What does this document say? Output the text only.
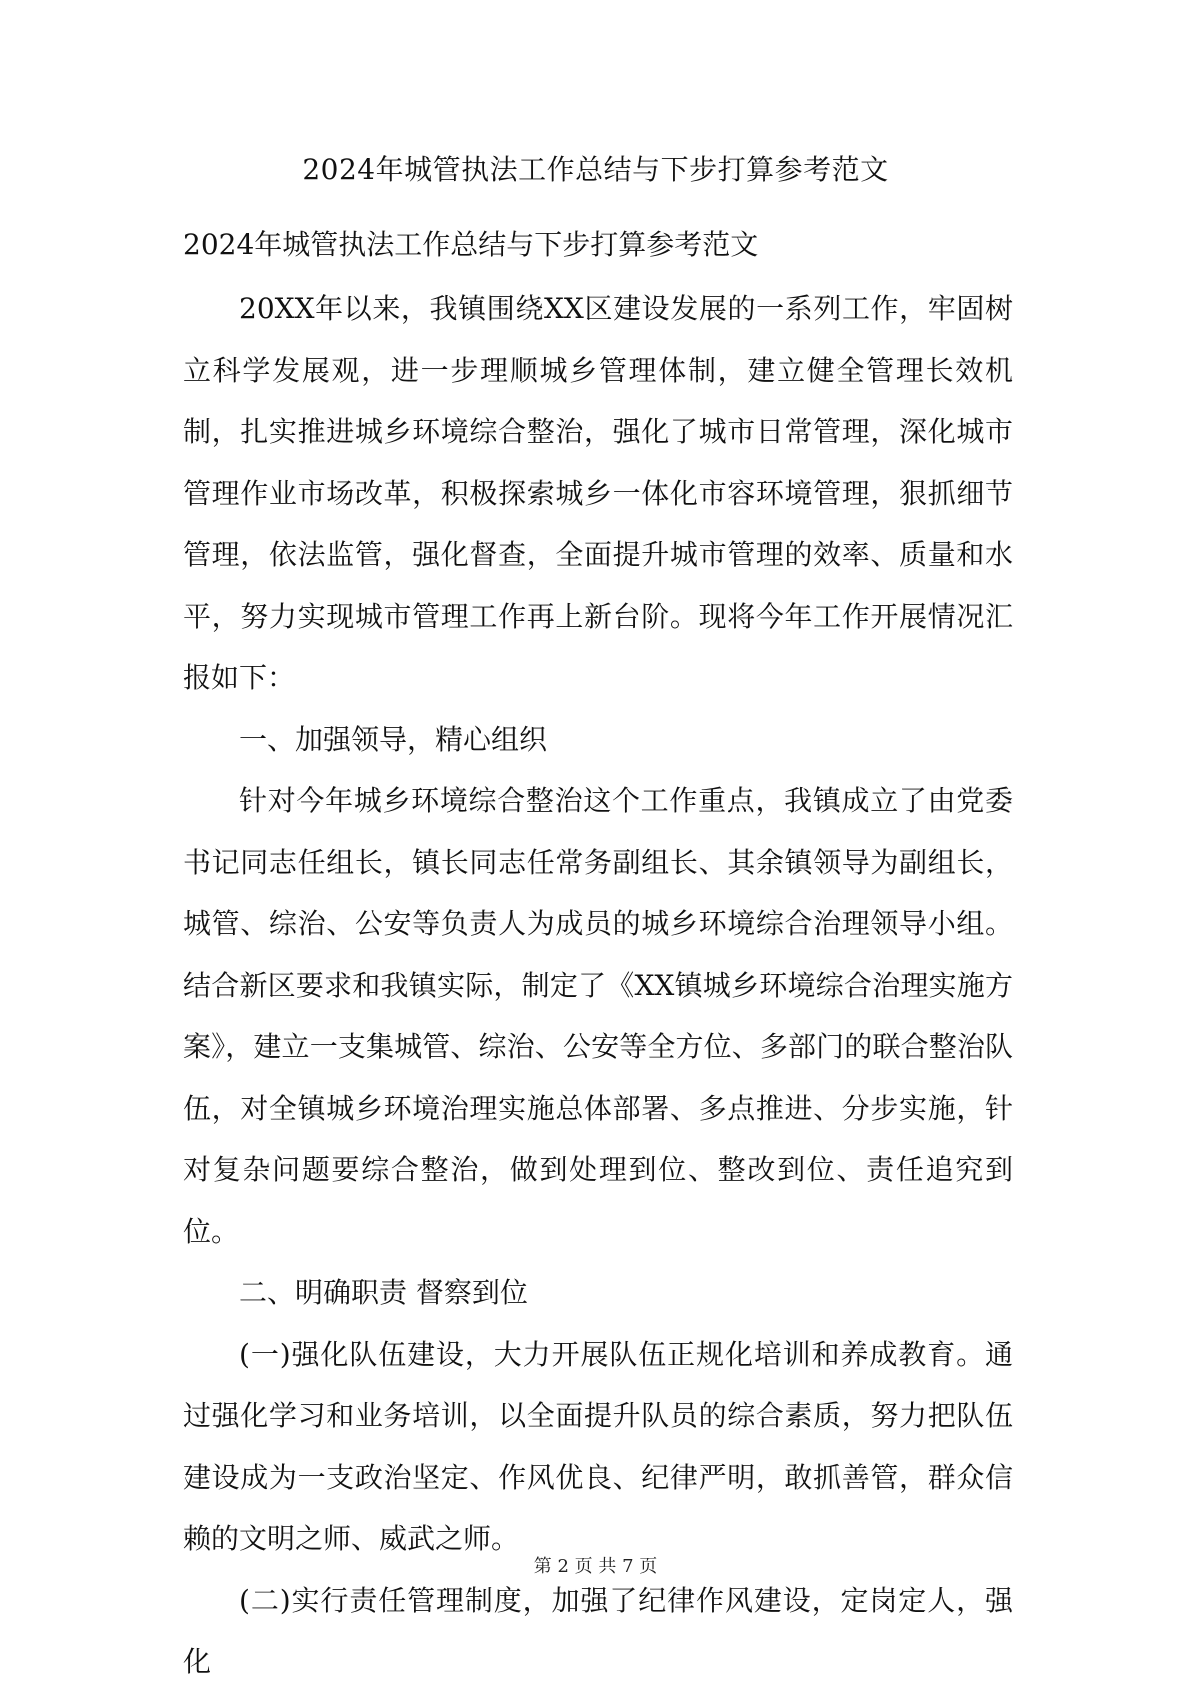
2024年城管执法工作总结与下步打算参考范文

2024年城管执法工作总结与下步打算参考范文

20XX年以来，我镇围绕XX区建设发展的一系列工作，牢固树立科学发展观，进一步理顺城乡管理体制，建立健全管理长效机制，扎实推进城乡环境综合整治，强化了城市日常管理，深化城市管理作业市场改革，积极探索城乡一体化市容环境管理，狠抓细节管理，依法监管，强化督查，全面提升城市管理的效率、质量和水平，努力实现城市管理工作再上新台阶。现将今年工作开展情况汇报如下：

一、加强领导，精心组织

针对今年城乡环境综合整治这个工作重点，我镇成立了由党委书记同志任组长，镇长同志任常务副组长、其余镇领导为副组长，城管、综治、公安等负责人为成员的城乡环境综合治理领导小组。结合新区要求和我镇实际，制定了《XX镇城乡环境综合治理实施方案》，建立一支集城管、综治、公安等全方位、多部门的联合整治队伍，对全镇城乡环境治理实施总体部署、多点推进、分步实施，针对复杂问题要综合整治，做到处理到位、整改到位、责任追究到位。

二、明确职责 督察到位

(一)强化队伍建设，大力开展队伍正规化培训和养成教育。通过强化学习和业务培训，以全面提升队员的综合素质，努力把队伍建设成为一支政治坚定、作风优良、纪律严明，敢抓善管，群众信赖的文明之师、威武之师。

(二)实行责任管理制度，加强了纪律作风建设，定岗定人，强化

第 2 页 共 7 页
